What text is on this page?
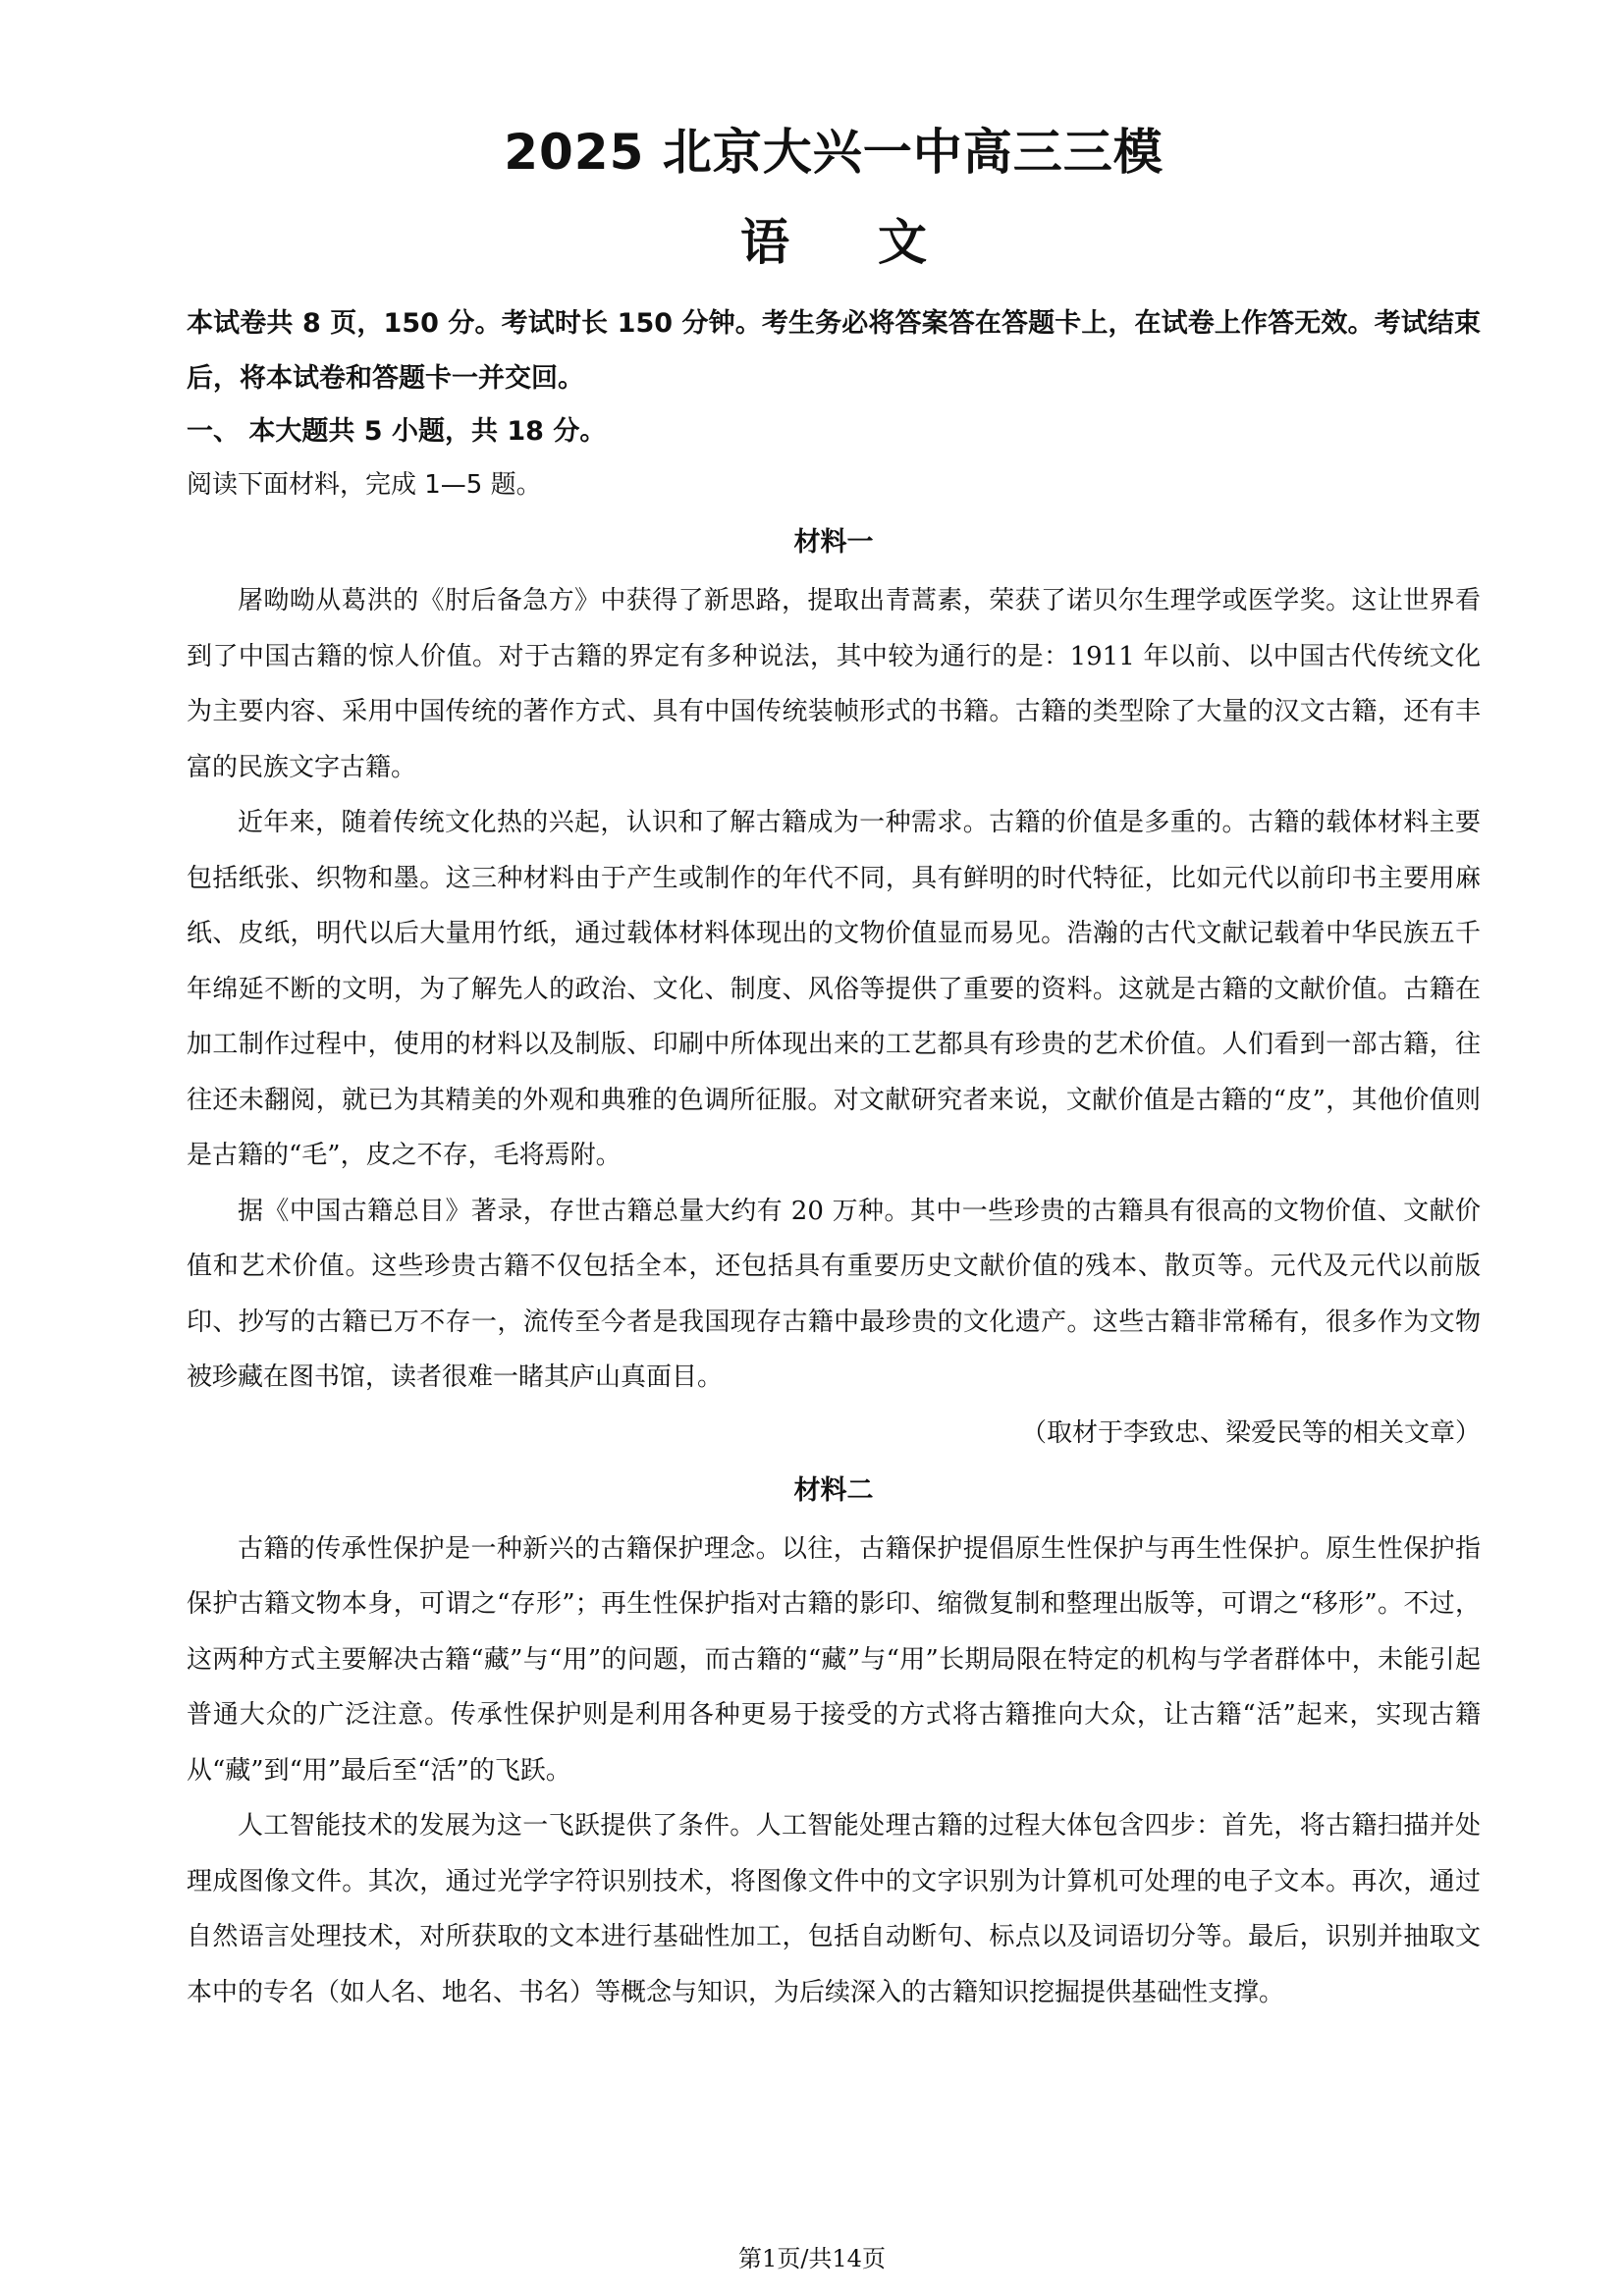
2025 北京大兴一中高三三模
语文

本试卷共 8 页，150 分。考试时长 150 分钟。考生务必将答案答在答题卡上，在试卷上作答无效。考试结束后，将本试卷和答题卡一并交回。

一、 本大题共 5 小题，共 18 分。

阅读下面材料，完成 1—5 题。

材料一

屠呦呦从葛洪的《肘后备急方》中获得了新思路，提取出青蒿素，荣获了诺贝尔生理学或医学奖。这让世界看到了中国古籍的惊人价值。对于古籍的界定有多种说法，其中较为通行的是：1911 年以前、以中国古代传统文化为主要内容、采用中国传统的著作方式、具有中国传统装帧形式的书籍。古籍的类型除了大量的汉文古籍，还有丰富的民族文字古籍。

近年来，随着传统文化热的兴起，认识和了解古籍成为一种需求。古籍的价值是多重的。古籍的载体材料主要包括纸张、织物和墨。这三种材料由于产生或制作的年代不同，具有鲜明的时代特征，比如元代以前印书主要用麻纸、皮纸，明代以后大量用竹纸，通过载体材料体现出的文物价值显而易见。浩瀚的古代文献记载着中华民族五千年绵延不断的文明，为了解先人的政治、文化、制度、风俗等提供了重要的资料。这就是古籍的文献价值。古籍在加工制作过程中，使用的材料以及制版、印刷中所体现出来的工艺都具有珍贵的艺术价值。人们看到一部古籍，往往还未翻阅，就已为其精美的外观和典雅的色调所征服。对文献研究者来说，文献价值是古籍的“皮”，其他价值则是古籍的“毛”，皮之不存，毛将焉附。

据《中国古籍总目》著录，存世古籍总量大约有 20 万种。其中一些珍贵的古籍具有很高的文物价值、文献价值和艺术价值。这些珍贵古籍不仅包括全本，还包括具有重要历史文献价值的残本、散页等。元代及元代以前版印、抄写的古籍已万不存一，流传至今者是我国现存古籍中最珍贵的文化遗产。这些古籍非常稀有，很多作为文物被珍藏在图书馆，读者很难一睹其庐山真面目。

（取材于李致忠、梁爱民等的相关文章）

材料二

古籍的传承性保护是一种新兴的古籍保护理念。以往，古籍保护提倡原生性保护与再生性保护。原生性保护指保护古籍文物本身，可谓之“存形”；再生性保护指对古籍的影印、缩微复制和整理出版等，可谓之“移形”。不过，这两种方式主要解决古籍“藏”与“用”的问题，而古籍的“藏”与“用”长期局限在特定的机构与学者群体中，未能引起普通大众的广泛注意。传承性保护则是利用各种更易于接受的方式将古籍推向大众，让古籍“活”起来，实现古籍从“藏”到“用”最后至“活”的飞跃。

人工智能技术的发展为这一飞跃提供了条件。人工智能处理古籍的过程大体包含四步：首先，将古籍扫描并处理成图像文件。其次，通过光学字符识别技术，将图像文件中的文字识别为计算机可处理的电子文本。再次，通过自然语言处理技术，对所获取的文本进行基础性加工，包括自动断句、标点以及词语切分等。最后，识别并抽取文本中的专名（如人名、地名、书名）等概念与知识，为后续深入的古籍知识挖掘提供基础性支撑。

第1页/共14页
